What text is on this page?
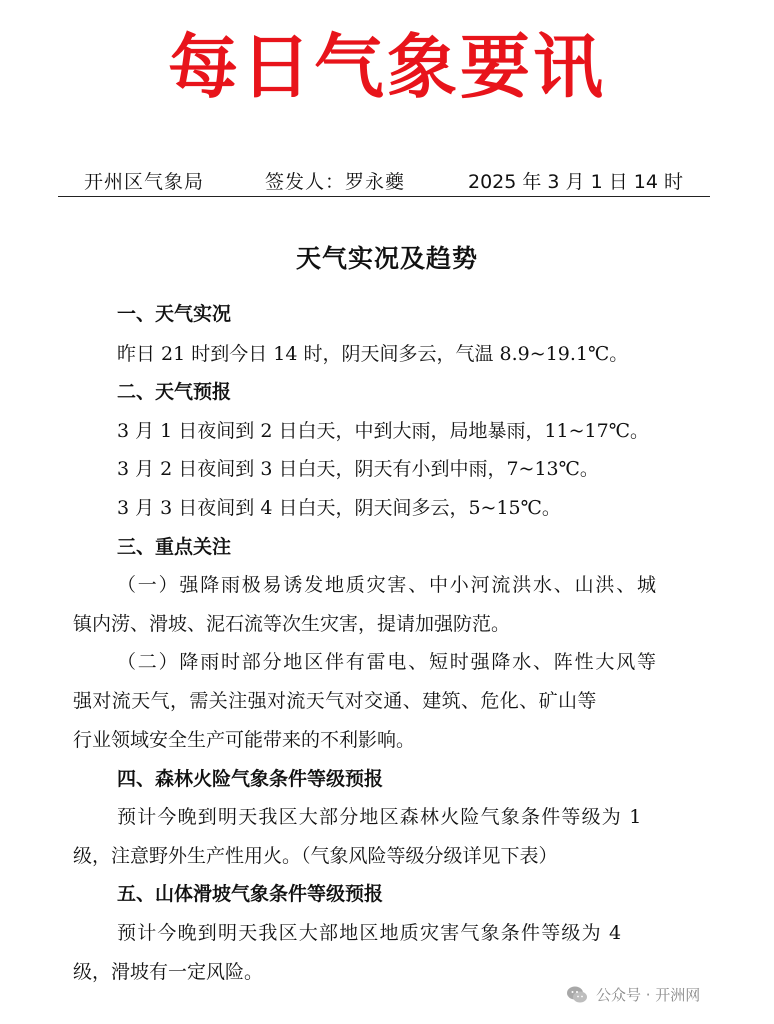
每日气象要讯
开州区气象局	签发人：罗永夔	2025 年 3 月 1 日 14 时
天气实况及趋势
一、天气实况
昨日 21 时到今日 14 时，阴天间多云，气温 8.9~19.1℃。
二、天气预报
3 月 1 日夜间到 2 日白天，中到大雨，局地暴雨，11~17℃。
3 月 2 日夜间到 3 日白天，阴天有小到中雨，7~13℃。
3 月 3 日夜间到 4 日白天，阴天间多云，5~15℃。
三、重点关注
（一）强降雨极易诱发地质灾害、中小河流洪水、山洪、城
镇内涝、滑坡、泥石流等次生灾害，提请加强防范。
（二）降雨时部分地区伴有雷电、短时强降水、阵性大风等
强对流天气，需关注强对流天气对交通、建筑、危化、矿山等
行业领域安全生产可能带来的不利影响。
四、森林火险气象条件等级预报
预计今晚到明天我区大部分地区森林火险气象条件等级为 1
级，注意野外生产性用火。（气象风险等级分级详见下表）
五、山体滑坡气象条件等级预报
预计今晚到明天我区大部地区地质灾害气象条件等级为 4
级，滑坡有一定风险。
公众号 · 开洲网
